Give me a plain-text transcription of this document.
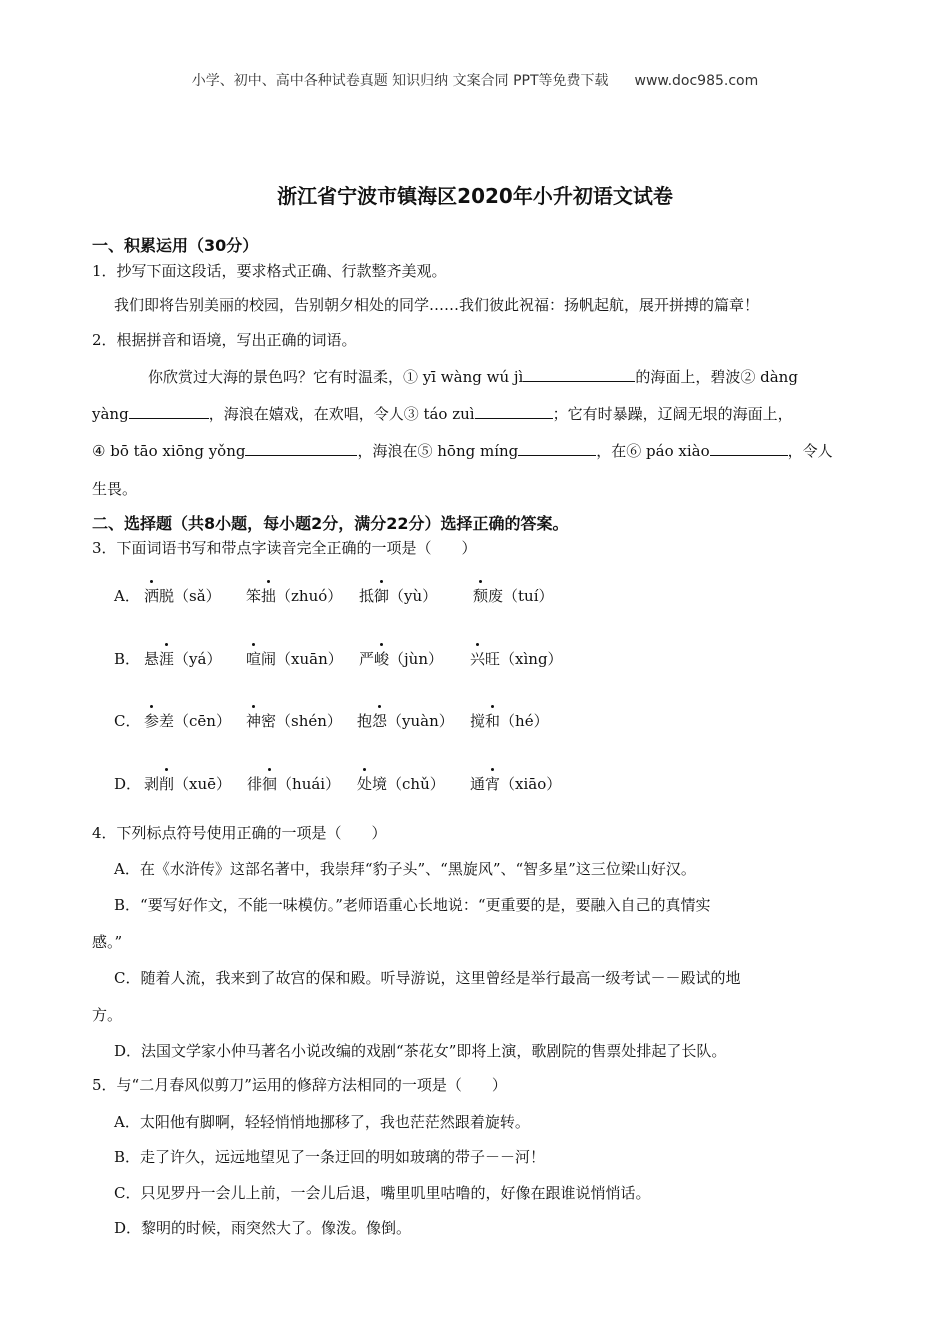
小学、初中、高中各种试卷真题 知识归纳 文案合同 PPT等免费下载 www.doc985.com
浙江省宁波市镇海区2020年小升初语文试卷
一、积累运用（30分）
1．抄写下面这段话，要求格式正确、行款整齐美观。
我们即将告别美丽的校园，告别朝夕相处的同学……我们彼此祝福：扬帆起航，展开拼搏的篇章！
2．根据拼音和语境，写出正确的词语。
你欣赏过大海的景色吗？它有时温柔，① yī wàng wú jì	的海面上，碧波② dàng
yàng	，海浪在嬉戏，在欢唱，令人③ táo zuì	；它有时暴躁，辽阔无垠的海面上，
④ bō tāo xiōng yǒng	，海浪在⑤ hōng míng	，在⑥ páo xiào	，令人
生畏。
二、选择题（共8小题，每小题2分，满分22分）选择正确的答案。
3．下面词语书写和带点字读音完全正确的一项是（　　）
A． 洒脱（sǎ） 笨拙（zhuó） 抵御（yù） 颓废（tuí）
B． 悬涯（yá） 喧闹（xuān） 严峻（jùn） 兴旺（xìng）
C． 参差（cēn） 神密（shén） 抱怨（yuàn） 搅和（hé）
D． 剥削（xuē） 徘徊（huái） 处境（chǔ） 通宵（xiāo）
4．下列标点符号使用正确的一项是（　　）
A．在《水浒传》这部名著中，我崇拜“豹子头”、“黑旋风”、“智多星”这三位梁山好汉。
B．“要写好作文，不能一味模仿。”老师语重心长地说：“更重要的是，要融入自己的真情实
感。”
C．随着人流，我来到了故宫的保和殿。听导游说，这里曾经是举行最高一级考试－－殿试的地
方。
D．法国文学家小仲马著名小说改编的戏剧“茶花女”即将上演，歌剧院的售票处排起了长队。
5．与“二月春风似剪刀”运用的修辞方法相同的一项是（　　）
A．太阳他有脚啊，轻轻悄悄地挪移了，我也茫茫然跟着旋转。
B．走了许久，远远地望见了一条迂回的明如玻璃的带子－－河！
C．只见罗丹一会儿上前，一会儿后退，嘴里叽里咕噜的，好像在跟谁说悄悄话。
D．黎明的时候，雨突然大了。像泼。像倒。
